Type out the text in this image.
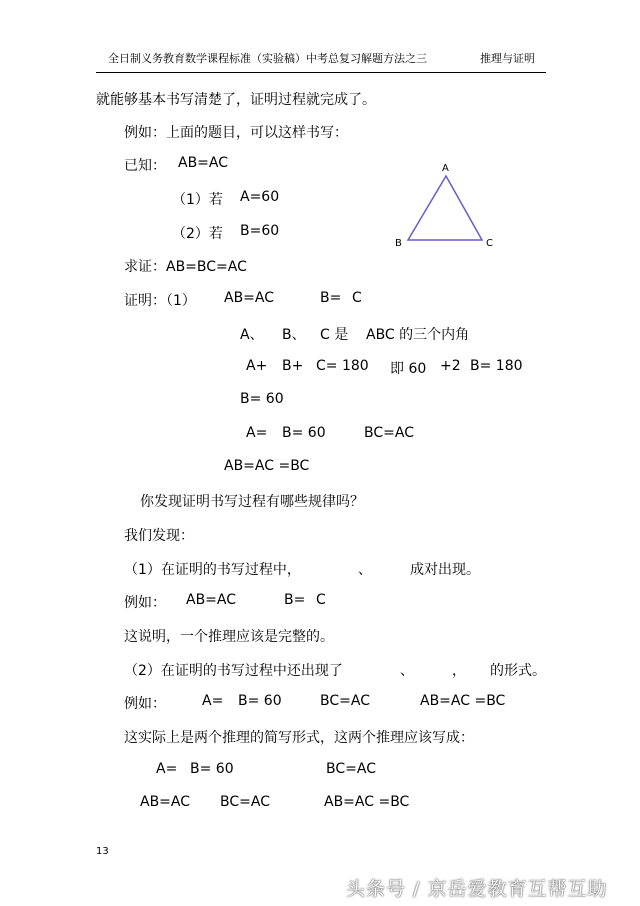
全日制义务教育数学课程标准（实验稿）中考总复习解题方法之三	推理与证明
就能够基本书写清楚了，证明过程就完成了。
例如：上面的题目，可以这样书写：
已知： AB=AC
（1）若 A=60
（2）若 B=60
求证：AB=BC=AC
证明：（1） AB=AC	B= C
A、 B、 C 是 ABC 的三个内角
A+ B+ C= 180 即 60 +2 B= 180
B= 60
A= B= 60	BC=AC
AB=AC =BC
你发现证明书写过程有哪些规律吗？
我们发现：
（1）在证明的书写过程中，	、	成对出现。
例如： AB=AC	B= C
这说明，一个推理应该是完整的。
（2）在证明的书写过程中还出现了	、	， 的形式。
例如：	A= B= 60	BC=AC	AB=AC =BC
这实际上是两个推理的简写形式，这两个推理应该写成：
A= B= 60	BC=AC
AB=AC BC=AC	AB=AC =BC
A
B	C
13
头条号 / 京岳爱教育互帮互助
